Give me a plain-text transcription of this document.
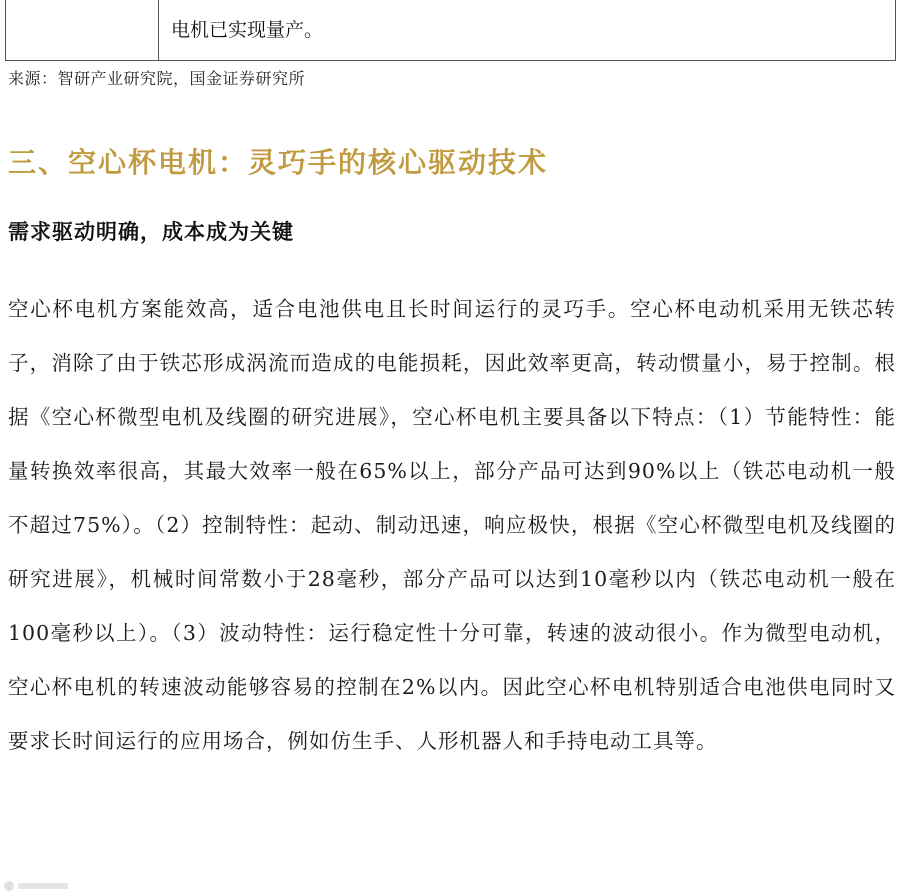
电机已实现量产。
来源：智研产业研究院，国金证券研究所
三、空心杯电机：灵巧手的核心驱动技术
需求驱动明确，成本成为关键

空心杯电机方案能效高，适合电池供电且长时间运行的灵巧手。空心杯电动机采用无铁芯转子，消除了由于铁芯形成涡流而造成的电能损耗，因此效率更高，转动惯量小，易于控制。根据《空心杯微型电机及线圈的研究进展》，空心杯电机主要具备以下特点：（1）节能特性：能量转换效率很高，其最大效率一般在65%以上，部分产品可达到90%以上（铁芯电动机一般不超过75%）。（2）控制特性：起动、制动迅速，响应极快，根据《空心杯微型电机及线圈的研究进展》，机械时间常数小于28毫秒，部分产品可以达到10毫秒以内（铁芯电动机一般在100毫秒以上）。（3）波动特性：运行稳定性十分可靠，转速的波动很小。作为微型电动机，空心杯电机的转速波动能够容易的控制在2%以内。因此空心杯电机特别适合电池供电同时又要求长时间运行的应用场合，例如仿生手、人形机器人和手持电动工具等。
